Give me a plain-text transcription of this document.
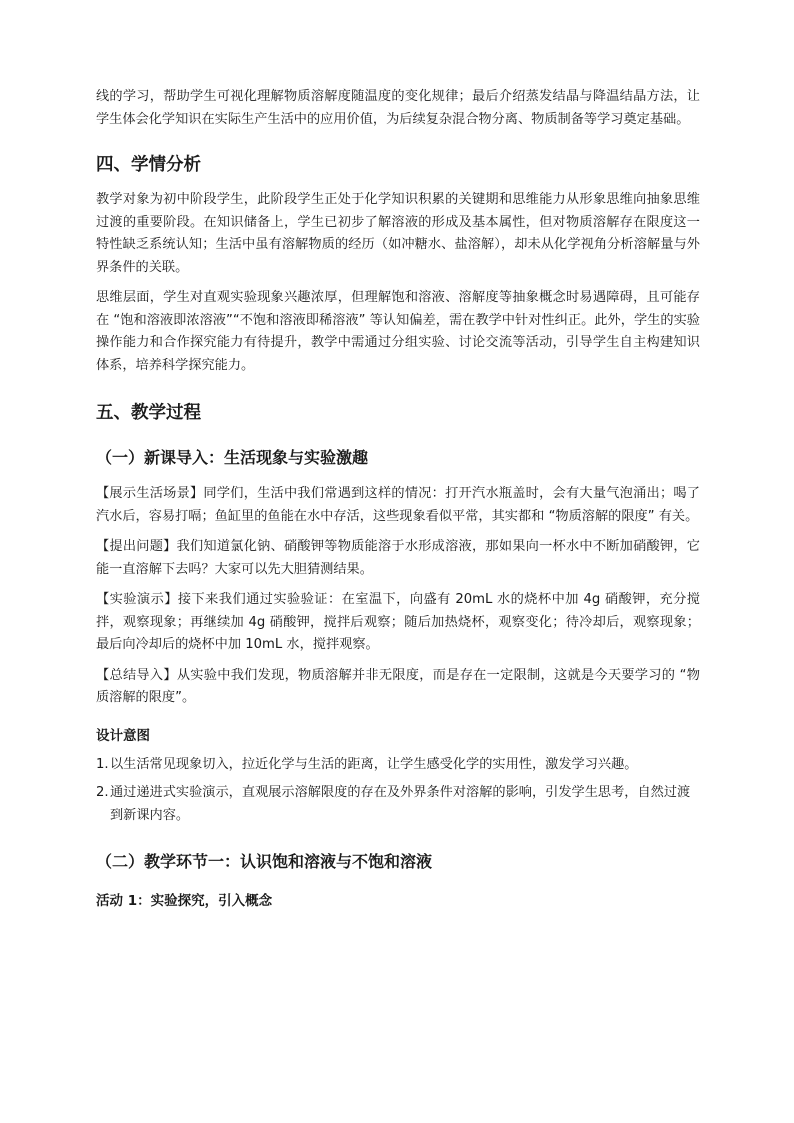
线的学习，帮助学生可视化理解物质溶解度随温度的变化规律；最后介绍蒸发结晶与降温结晶方法，让学生体会化学知识在实际生产生活中的应用价值，为后续复杂混合物分离、物质制备等学习奠定基础。

四、学情分析

教学对象为初中阶段学生，此阶段学生正处于化学知识积累的关键期和思维能力从形象思维向抽象思维过渡的重要阶段。在知识储备上，学生已初步了解溶液的形成及基本属性，但对物质溶解存在限度这一特性缺乏系统认知；生活中虽有溶解物质的经历（如冲糖水、盐溶解），却未从化学视角分析溶解量与外界条件的关联。

思维层面，学生对直观实验现象兴趣浓厚，但理解饱和溶液、溶解度等抽象概念时易遇障碍，且可能存在 “饱和溶液即浓溶液”“不饱和溶液即稀溶液” 等认知偏差，需在教学中针对性纠正。此外，学生的实验操作能力和合作探究能力有待提升，教学中需通过分组实验、讨论交流等活动，引导学生自主构建知识体系，培养科学探究能力。

五、教学过程
（一）新课导入：生活现象与实验激趣

【展示生活场景】同学们，生活中我们常遇到这样的情况：打开汽水瓶盖时，会有大量气泡涌出；喝了汽水后，容易打嗝；鱼缸里的鱼能在水中存活，这些现象看似平常，其实都和 “物质溶解的限度” 有关。

【提出问题】我们知道氯化钠、硝酸钾等物质能溶于水形成溶液，那如果向一杯水中不断加硝酸钾，它能一直溶解下去吗？大家可以先大胆猜测结果。

【实验演示】接下来我们通过实验验证：在室温下，向盛有 20mL 水的烧杯中加 4g 硝酸钾，充分搅拌，观察现象；再继续加 4g 硝酸钾，搅拌后观察；随后加热烧杯，观察变化；待冷却后，观察现象；最后向冷却后的烧杯中加 10mL 水，搅拌观察。

【总结导入】从实验中我们发现，物质溶解并非无限度，而是存在一定限制，这就是今天要学习的 “物质溶解的限度”。

设计意图
1. 以生活常见现象切入，拉近化学与生活的距离，让学生感受化学的实用性，激发学习兴趣。
2. 通过递进式实验演示，直观展示溶解限度的存在及外界条件对溶解的影响，引发学生思考，自然过渡到新课内容。
（二）教学环节一：认识饱和溶液与不饱和溶液
活动 1：实验探究，引入概念
